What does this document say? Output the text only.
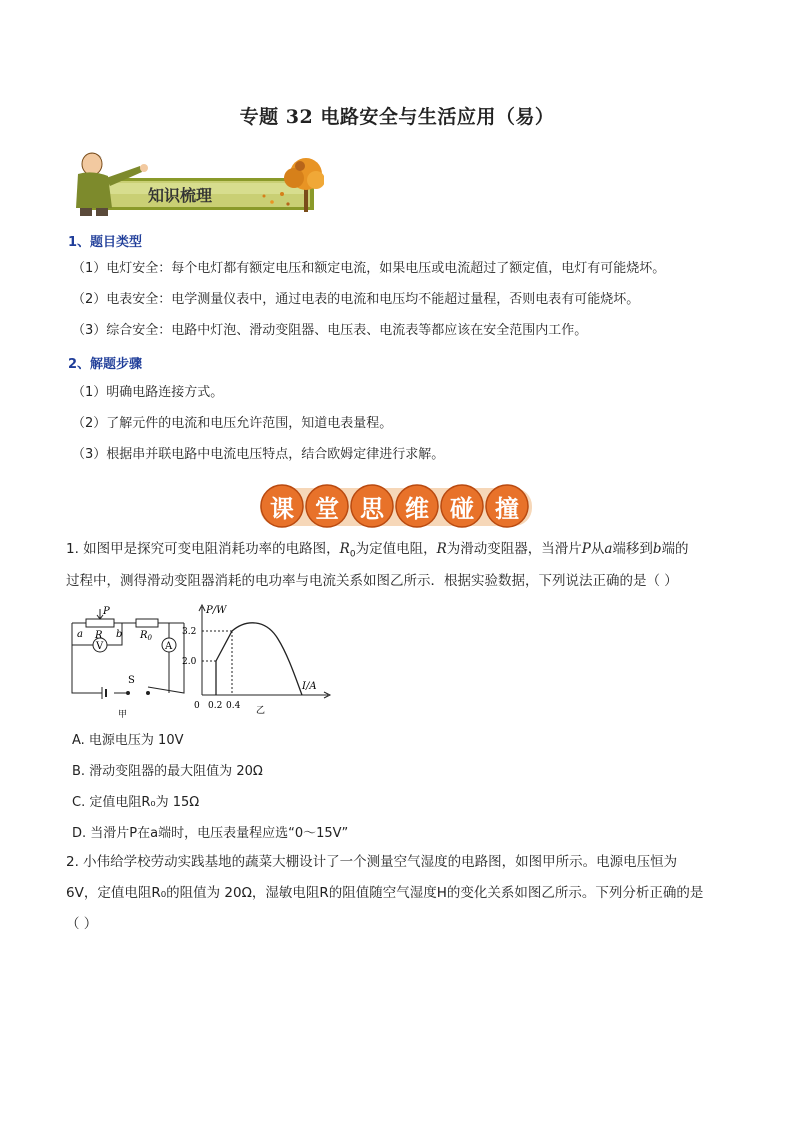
专题 32 电路安全与生活应用（易）
知识梳理
1、题目类型
（1）电灯安全：每个电灯都有额定电压和额定电流，如果电压或电流超过了额定值，电灯有可能烧坏。
（2）电表安全：电学测量仪表中，通过电表的电流和电压均不能超过量程，否则电表有可能烧坏。
（3）综合安全：电路中灯泡、滑动变阻器、电压表、电流表等都应该在安全范围内工作。
2、解题步骤
（1）明确电路连接方式。
（2）了解元件的电流和电压允许范围，知道电表量程。
（3）根据串并联电路中电流电压特点，结合欧姆定律进行求解。
课 堂 思 维 碰 撞
1. 如图甲是探究可变电阻消耗功率的电路图，$R_0$为定值电阻，R为滑动变阻器，当滑片P从a端移到b端的
过程中，测得滑动变阻器消耗的电功率与电流关系如图乙所示．根据实验数据，下列说法正确的是（ ）
P
a R b $R_0$
V	A
S
甲
P/W
I/A
3.2
2.0
0 0.2 0.4 乙
A. 电源电压为 10V
B. 滑动变阻器的最大阻值为 20Ω
C. 定值电阻R₀为 15Ω
D. 当滑片P在a端时，电压表量程应选“0～15V”
2. 小伟给学校劳动实践基地的蔬菜大棚设计了一个测量空气湿度的电路图，如图甲所示。电源电压恒为
6V，定值电阻R₀的阻值为 20Ω，湿敏电阻R的阻值随空气湿度H的变化关系如图乙所示。下列分析正确的是
（ ）
